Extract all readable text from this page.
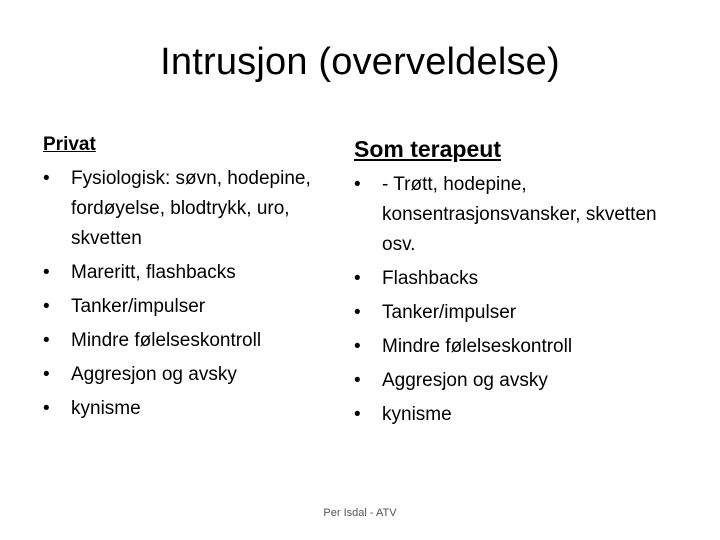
Intrusjon (overveldelse)
Privat
•	Fysiologisk: søvn, hodepine, fordøyelse, blodtrykk, uro, skvetten
•	Mareritt, flashbacks
•	Tanker/impulser
•	Mindre følelseskontroll
•	Aggresjon og avsky
•	kynisme
Som terapeut
•	- Trøtt, hodepine, konsentrasjonsvansker, skvetten osv.
•	Flashbacks
•	Tanker/impulser
•	Mindre følelseskontroll
•	Aggresjon og avsky
•	kynisme
Per Isdal - ATV
